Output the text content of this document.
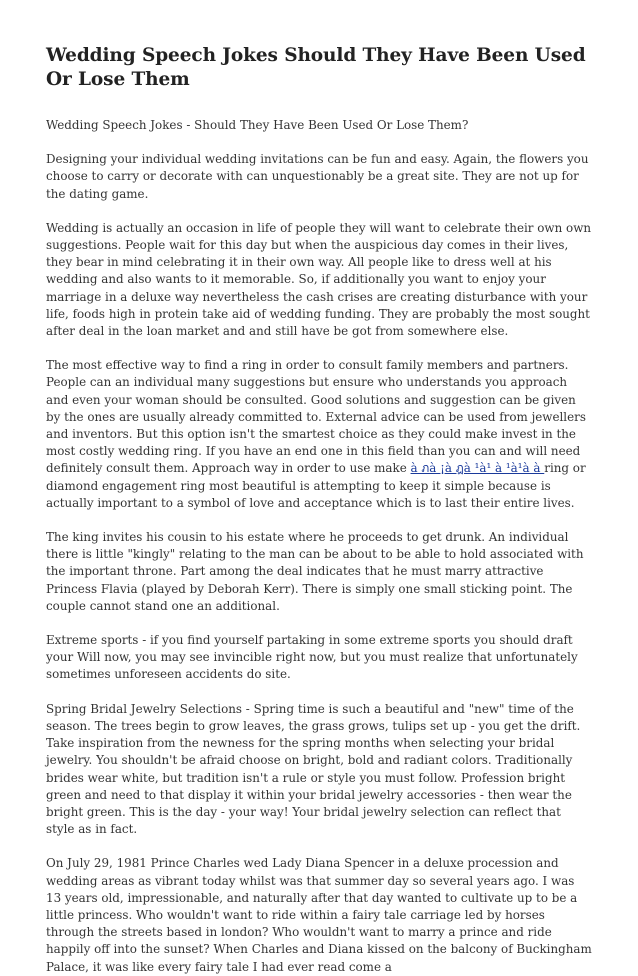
Wedding Speech Jokes Should They Have Been Used Or Lose Them

Wedding Speech Jokes - Should They Have Been Used Or Lose Them?

Designing your individual wedding invitations can be fun and easy. Again, the flowers you choose to carry or decorate with can unquestionably be a great site. They are not up for the dating game.

Wedding is actually an occasion in life of people they will want to celebrate their own own suggestions. People wait for this day but when the auspicious day comes in their lives, they bear in mind celebrating it in their own way. All people like to dress well at his wedding and also wants to it memorable. So, if additionally you want to enjoy your marriage in a deluxe way nevertheless the cash crises are creating disturbance with your life, foods high in protein take aid of wedding funding. They are probably the most sought after deal in the loan market and and still have be got from somewhere else.

The most effective way to find a ring in order to consult family members and partners. People can an individual many suggestions but ensure who understands you approach and even your woman should be consulted. Good solutions and suggestion can be given by the ones are usually already committed to. External advice can be used from jewellers and inventors. But this option isn't the smartest choice as they could make invest in the most costly wedding ring. If you have an end one in this field than you can and will need definitely consult them. Approach way in order to use make à ภà ¡à ฎà ¹à¹ à ¹à¹à à ring or diamond engagement ring most beautiful is attempting to keep it simple because is actually important to a symbol of love and acceptance which is to last their entire lives.

The king invites his cousin to his estate where he proceeds to get drunk. An individual there is little "kingly" relating to the man can be about to be able to hold associated with the important throne. Part among the deal indicates that he must marry attractive Princess Flavia (played by Deborah Kerr). There is simply one small sticking point. The couple cannot stand one an additional.

Extreme sports - if you find yourself partaking in some extreme sports you should draft your Will now, you may see invincible right now, but you must realize that unfortunately sometimes unforeseen accidents do site.

Spring Bridal Jewelry Selections - Spring time is such a beautiful and "new" time of the season. The trees begin to grow leaves, the grass grows, tulips set up - you get the drift. Take inspiration from the newness for the spring months when selecting your bridal jewelry. You shouldn't be afraid choose on bright, bold and radiant colors. Traditionally brides wear white, but tradition isn't a rule or style you must follow. Profession bright green and need to that display it within your bridal jewelry accessories - then wear the bright green. This is the day - your way! Your bridal jewelry selection can reflect that style as in fact.

On July 29, 1981 Prince Charles wed Lady Diana Spencer in a deluxe procession and wedding areas as vibrant today whilst was that summer day so several years ago. I was 13 years old, impressionable, and naturally after that day wanted to cultivate up to be a little princess. Who wouldn't want to ride within a fairy tale carriage led by horses through the streets based in london? Who wouldn't want to marry a prince and ride happily off into the sunset? When Charles and Diana kissed on the balcony of Buckingham Palace, it was like every fairy tale I had ever read come a
